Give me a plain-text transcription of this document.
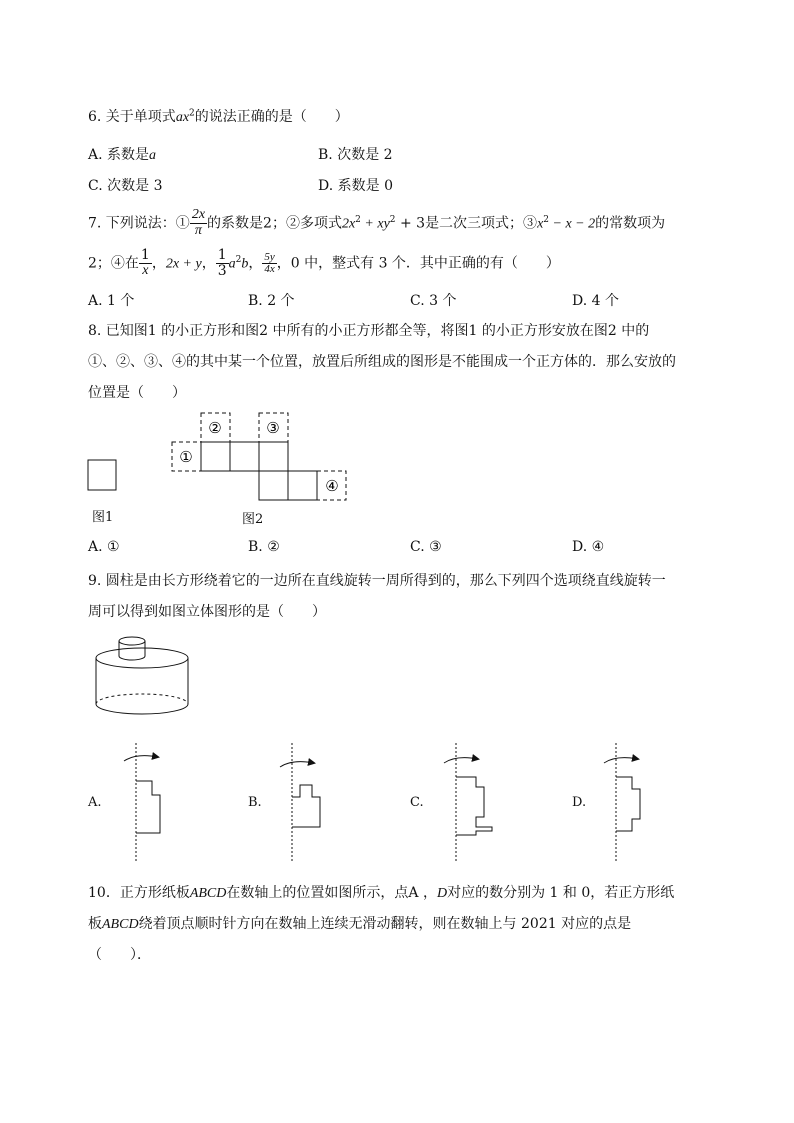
6. 关于单项式$ax^2$的说法正确的是（　　）
A. 系数是a	B. 次数是 2
C. 次数是 3	D. 系数是 0
7. 下列说法：① $\frac{2x}{\pi}$ 的系数是2；②多项式$2x^2 + xy^2 + 3$是二次三项式；$③x^2 - x - 2$的常数项为
2；④在 $\frac{1}{x}$ ，2x + y， $\frac{1}{3} a^2b$， $\frac{5y}{4x}$ ，0 中，整式有 3 个．其中正确的有（　　）
A. 1 个	B. 2 个	C. 3 个	D. 4 个
8. 已知图1 的小正方形和图2 中所有的小正方形都全等，将图1 的小正方形安放在图2 中的
①、②、③、④的其中某一个位置，放置后所组成的图形是不能围成一个正方体的．那么安放的
位置是（　　）
①
②	③
④
图1	图2
A. ①	B. ②	C. ③	D. ④
9. 圆柱是由长方形绕着它的一边所在直线旋转一周所得到的，那么下列四个选项绕直线旋转一
周可以得到如图立体图形的是（　　）
A.	B.	C.	D.
10．正方形纸板ABCD在数轴上的位置如图所示，点A ，D对应的数分别为 1 和 0，若正方形纸
板ABCD绕着顶点顺时针方向在数轴上连续无滑动翻转，则在数轴上与 2021 对应的点是
（　　）．
